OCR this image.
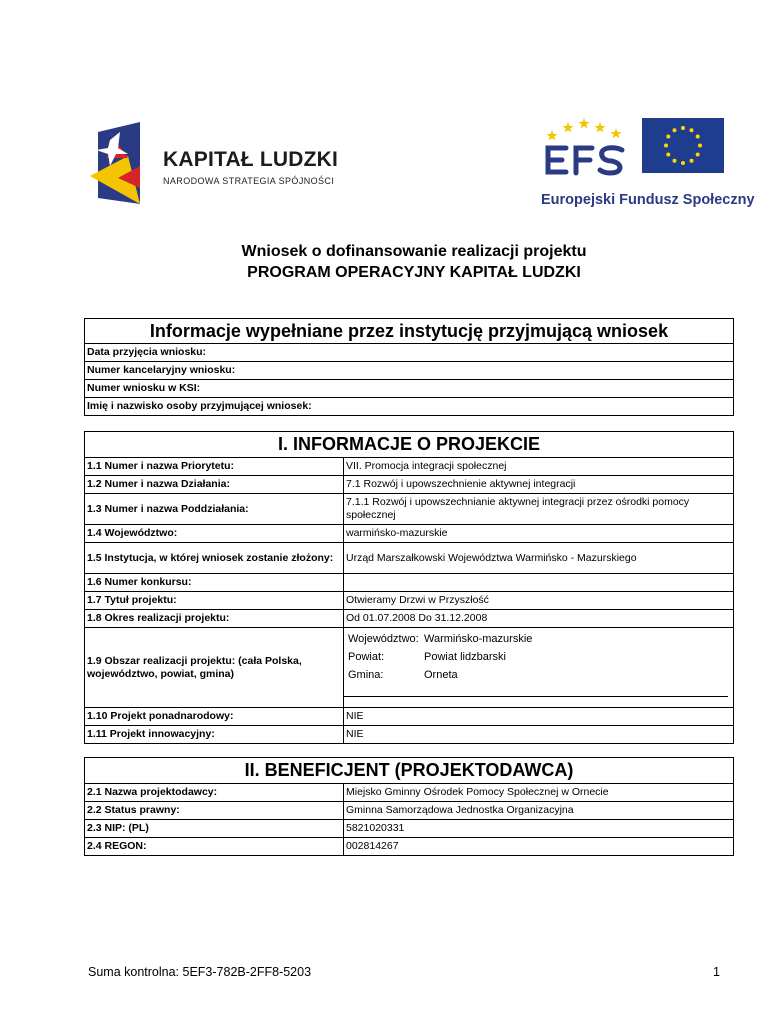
KAPITAŁ LUDZKI
NARODOWA STRATEGIA SPÓJNOŚCI
Europejski Fundusz Społeczny
Wniosek o dofinansowanie realizacji projektu
PROGRAM OPERACYJNY KAPITAŁ LUDZKI
Informacje wypełniane przez instytucję przyjmującą wniosek
Data przyjęcia wniosku:
Numer kancelaryjny wniosku:
Numer wniosku w KSI:
Imię i nazwisko osoby przyjmującej wniosek:
I. INFORMACJE O PROJEKCIE	
1.1 Numer i nazwa Priorytetu:	VII. Promocja integracji społecznej
1.2 Numer i nazwa Działania:	7.1 Rozwój i upowszechnienie aktywnej integracji
1.3 Numer i nazwa Poddziałania:	7.1.1 Rozwój i upowszechnianie aktywnej integracji przez ośrodki pomocy społecznej
1.4 Województwo:	warmińsko-mazurskie
1.5 Instytucja, w której wniosek zostanie złożony:	Urząd Marszałkowski Województwa Warmińsko - Mazurskiego
1.6 Numer konkursu:	
1.7 Tytuł projektu:	Otwieramy Drzwi w Przyszłość
1.8 Okres realizacji projektu:	Od 01.07.2008 Do 31.12.2008
1.9 Obszar realizacji projektu: (cała Polska, województwo, powiat, gmina)	Województwo: Warmińsko-mazurskie
Powiat: Powiat lidzbarski
Gmina: Orneta

1.10 Projekt ponadnarodowy:	NIE
1.11 Projekt innowacyjny:	NIE
II. BENEFICJENT (PROJEKTODAWCA)	
2.1 Nazwa projektodawcy:	Miejsko Gminny Ośrodek Pomocy Społecznej w Ornecie
2.2 Status prawny:	Gminna Samorządowa Jednostka Organizacyjna
2.3 NIP: (PL)	5821020331
2.4 REGON:	002814267
Suma kontrolna: 5EF3-782B-2FF8-5203	1
